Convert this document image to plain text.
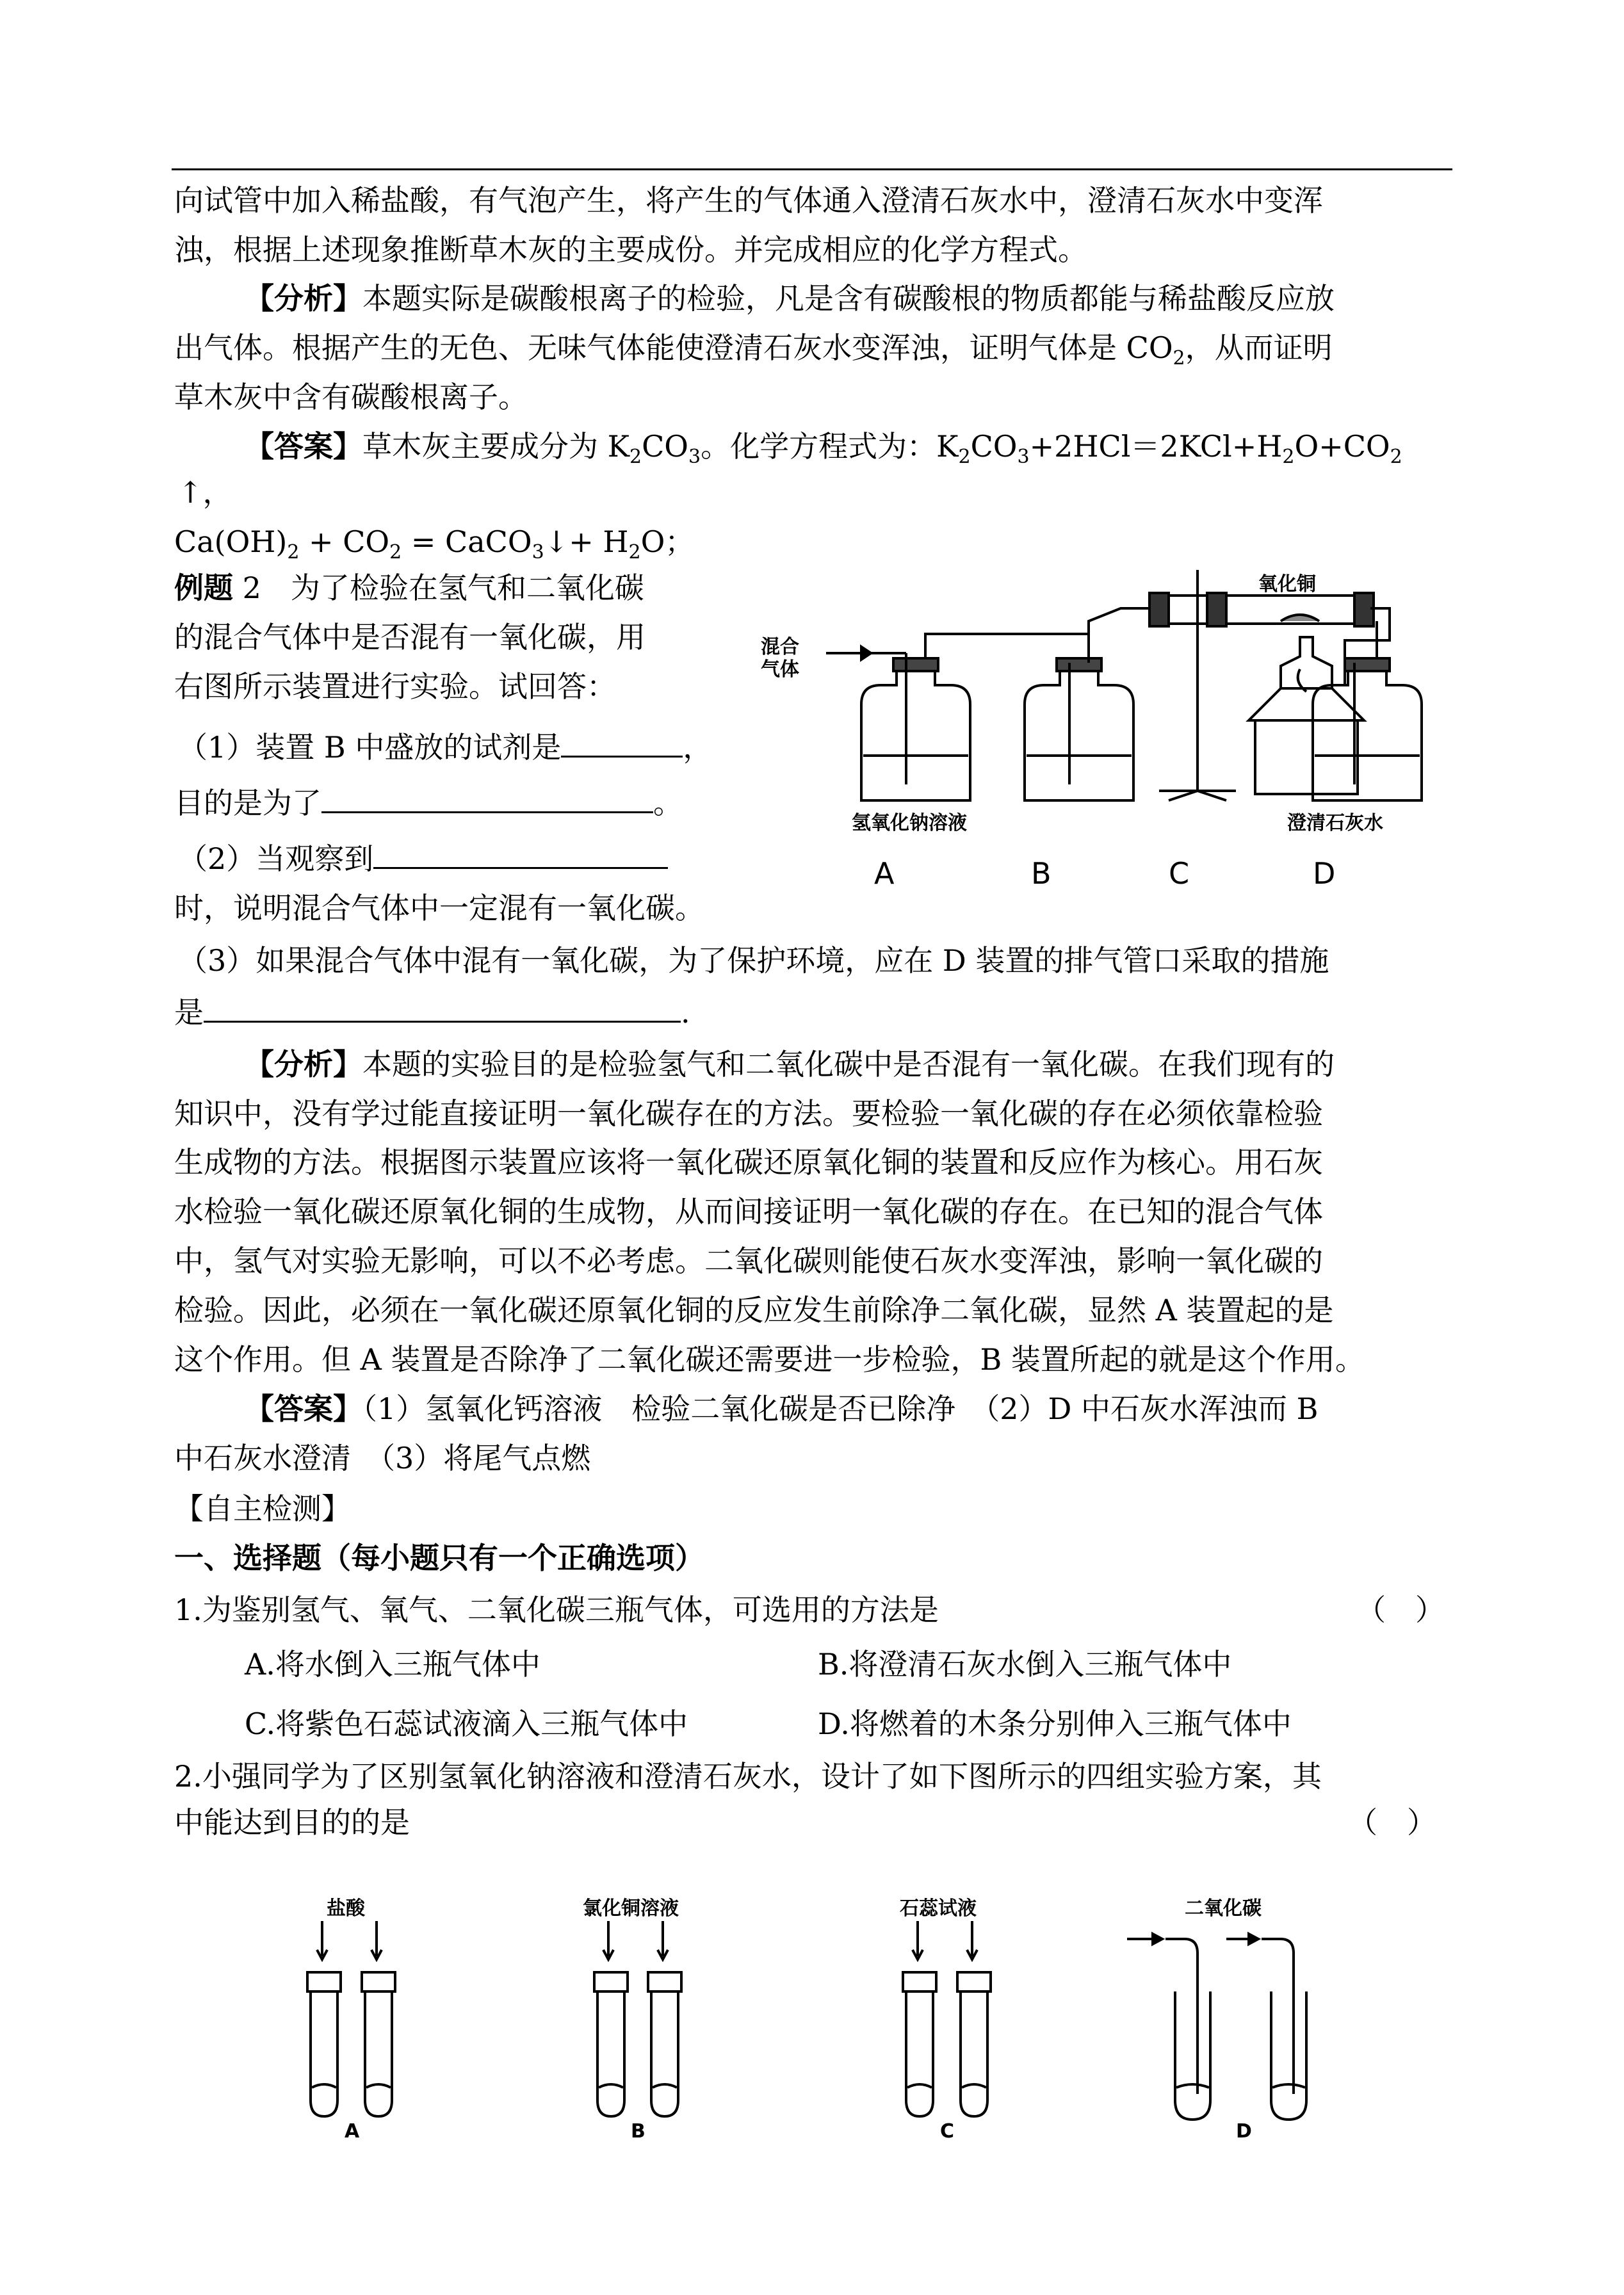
向试管中加入稀盐酸，有气泡产生，将产生的气体通入澄清石灰水中，澄清石灰水中变浑
浊，根据上述现象推断草木灰的主要成份。并完成相应的化学方程式。
【分析】本题实际是碳酸根离子的检验，凡是含有碳酸根的物质都能与稀盐酸反应放
出气体。根据产生的无色、无味气体能使澄清石灰水变浑浊，证明气体是 $CO_2$，从而证明
草木灰中含有碳酸根离子。
【答案】草木灰主要成分为 $K_2CO_3$。化学方程式为：$K_2CO_3+2HCl=2KCl+H_2O+CO_2$
↑，
$Ca(OH)_2 + CO_2$ = CaCO$_3$↓+ $H_2O$；
例题 2　为了检验在氢气和二氧化碳
的混合气体中是否混有一氧化碳，用
右图所示装置进行实验。试回答：
（1）装置 B 中盛放的试剂是	，
目的是为了	。
（2）当观察到
时，说明混合气体中一定混有一氧化碳。
（3）如果混合气体中混有一氧化碳，为了保护环境，应在 D 装置的排气管口采取的措施
是	.
混合
气体
氧化铜
氢氧化钠溶液	澄清石灰水
A	B	C	D
【分析】本题的实验目的是检验氢气和二氧化碳中是否混有一氧化碳。在我们现有的
知识中，没有学过能直接证明一氧化碳存在的方法。要检验一氧化碳的存在必须依靠检验
生成物的方法。根据图示装置应该将一氧化碳还原氧化铜的装置和反应作为核心。用石灰
水检验一氧化碳还原氧化铜的生成物，从而间接证明一氧化碳的存在。在已知的混合气体
中，氢气对实验无影响，可以不必考虑。二氧化碳则能使石灰水变浑浊，影响一氧化碳的
检验。因此，必须在一氧化碳还原氧化铜的反应发生前除净二氧化碳，显然 A 装置起的是
这个作用。但 A 装置是否除净了二氧化碳还需要进一步检验，B 装置所起的就是这个作用。
【答案】（1）氢氧化钙溶液　检验二氧化碳是否已除净　（2）D 中石灰水浑浊而 B
中石灰水澄清　（3）将尾气点燃
【自主检测】
一、选择题（每小题只有一个正确选项）
1.为鉴别氢气、氧气、二氧化碳三瓶气体，可选用的方法是	（　）
A.将水倒入三瓶气体中	B.将澄清石灰水倒入三瓶气体中
C.将紫色石蕊试液滴入三瓶气体中	D.将燃着的木条分别伸入三瓶气体中
2.小强同学为了区别氢氧化钠溶液和澄清石灰水，设计了如下图所示的四组实验方案，其
中能达到目的的是	（　）
盐酸	氯化铜溶液	石蕊试液	二氧化碳
A	B	C	D
